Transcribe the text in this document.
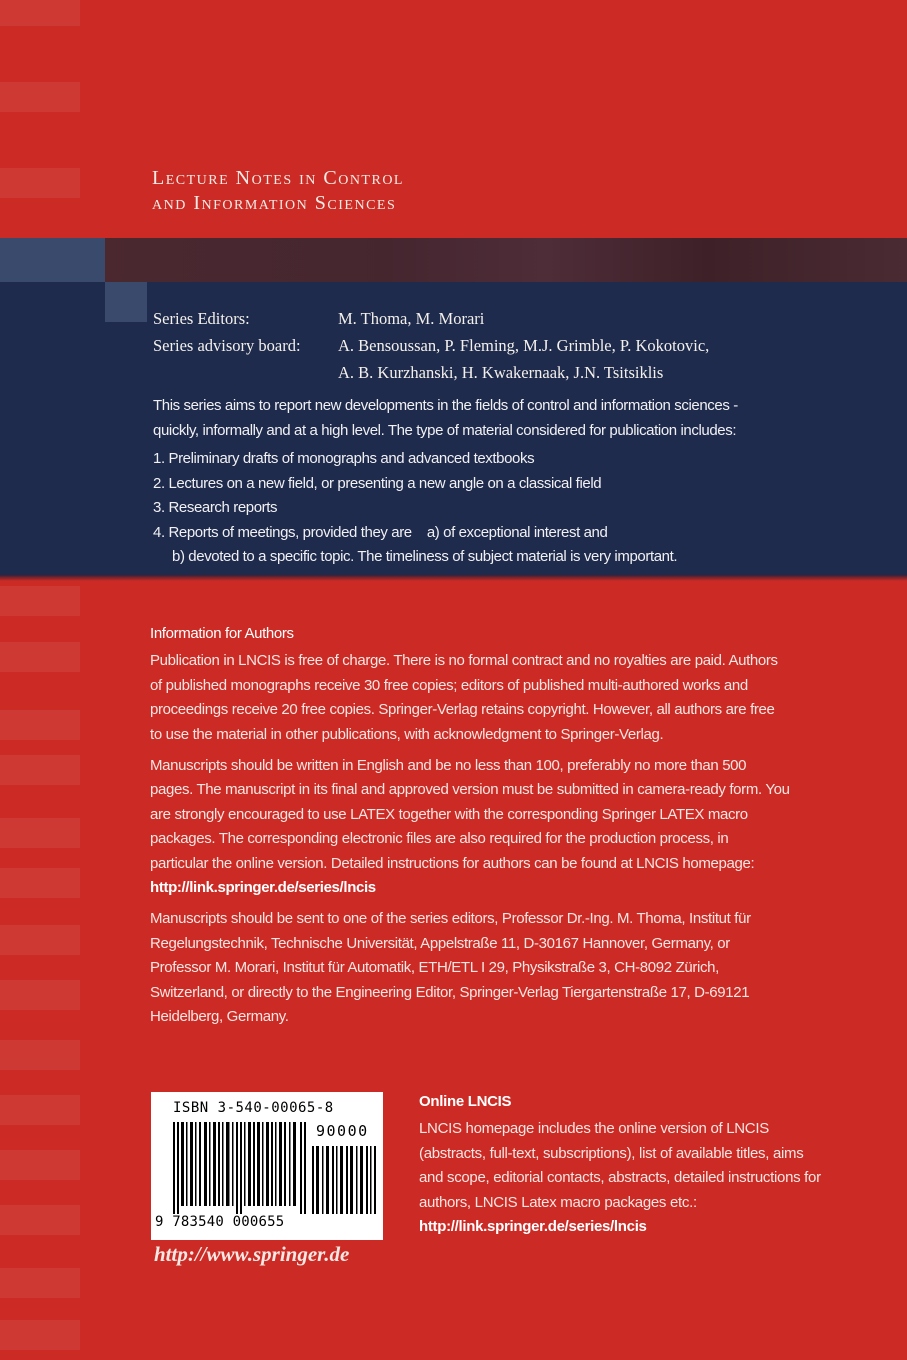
Lecture Notes in Control
and Information Sciences
Series Editors:	M. Thoma, M. Morari
Series advisory board:	A. Bensoussan, P. Fleming, M.J. Grimble, P. Kokotovic,
A. B. Kurzhanski, H. Kwakernaak, J.N. Tsitsiklis
This series aims to report new developments in the fields of control and information sciences -
quickly, informally and at a high level. The type of material considered for publication includes:
1. Preliminary drafts of monographs and advanced textbooks
2. Lectures on a new field, or presenting a new angle on a classical field
3. Research reports
4. Reports of meetings, provided they are    a) of exceptional interest and
b) devoted to a specific topic. The timeliness of subject material is very important.
Information for Authors

Publication in LNCIS is free of charge. There is no formal contract and no royalties are paid. Authors of published monographs receive 30 free copies; editors of published multi-authored works and proceedings receive 20 free copies. Springer-Verlag retains copyright. However, all authors are free to use the material in other publications, with acknowledgment to Springer-Verlag.

Manuscripts should be written in English and be no less than 100, preferably no more than 500 pages. The manuscript in its final and approved version must be submitted in camera-ready form. You are strongly encouraged to use LATEX together with the corresponding Springer LATEX macro packages. The corresponding electronic files are also required for the production process, in particular the online version. Detailed instructions for authors can be found at LNCIS homepage: http://link.springer.de/series/lncis

Manuscripts should be sent to one of the series editors, Professor Dr.-Ing. M. Thoma, Institut für Regelungstechnik, Technische Universität, Appelstraße 11, D-30167 Hannover, Germany, or Professor M. Morari, Institut für Automatik, ETH/ETL I 29, Physikstraße 3, CH-8092 Zürich, Switzerland, or directly to the Engineering Editor, Springer-Verlag Tiergartenstraße 17, D-69121 Heidelberg, Germany.

ISBN 3-540-00065-8
90000
9 783540 000655
http://www.springer.de
Online LNCIS
LNCIS homepage includes the online version of LNCIS (abstracts, full-text, subscriptions), list of available titles, aims and scope, editorial contacts, abstracts, detailed instructions for authors, LNCIS Latex macro packages etc.:
http://link.springer.de/series/lncis
